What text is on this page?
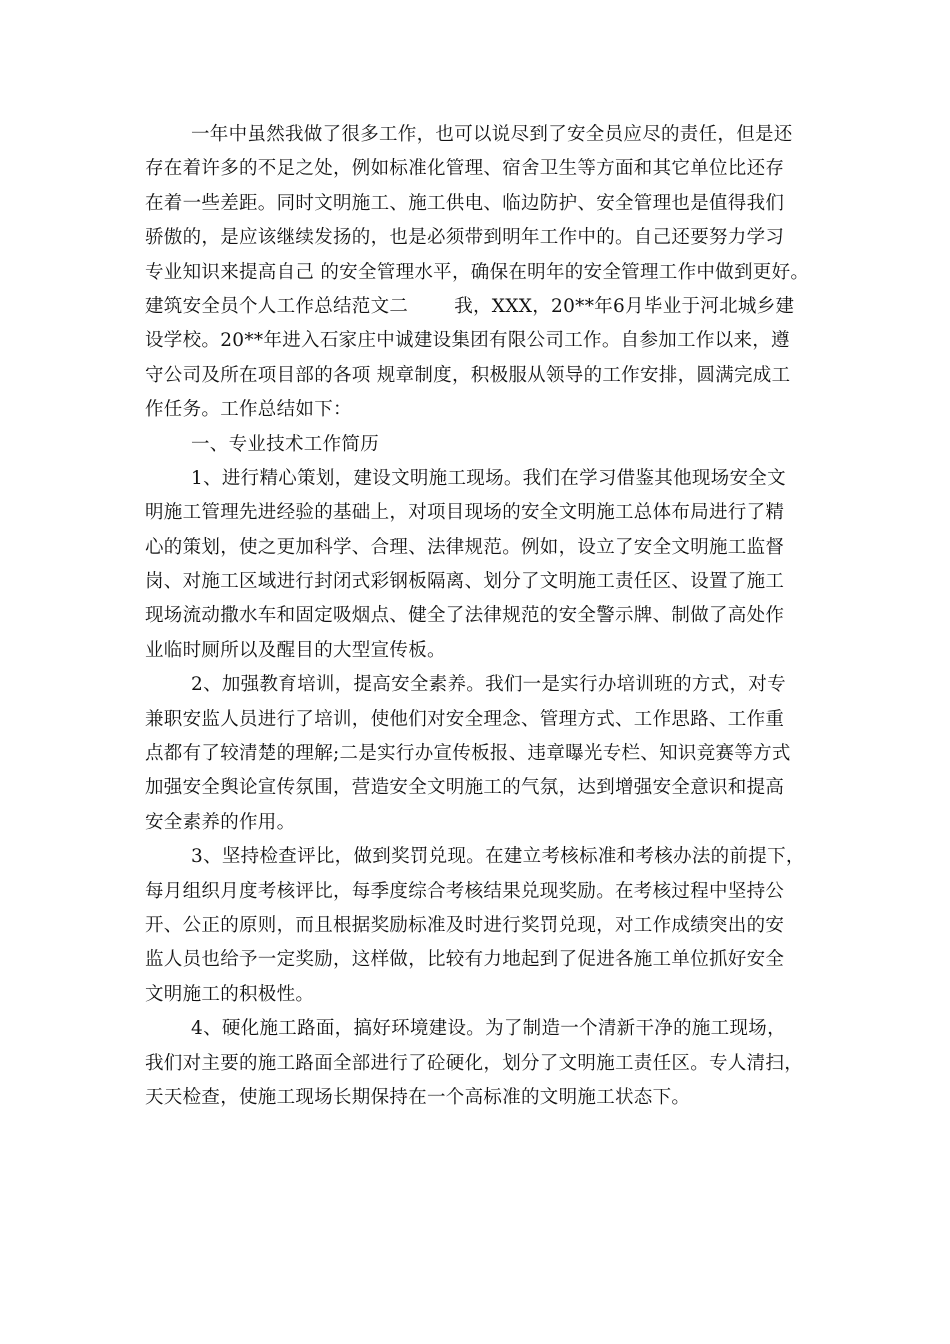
一年中虽然我做了很多工作，也可以说尽到了安全员应尽的责任，但是还
存在着许多的不足之处，例如标准化管理、宿舍卫生等方面和其它单位比还存
在着一些差距。同时文明施工、施工供电、临边防护、安全管理也是值得我们
骄傲的，是应该继续发扬的，也是必须带到明年工作中的。自己还要努力学习
专业知识来提高自己 的安全管理水平，确保在明年的安全管理工作中做到更好。
建筑安全员个人工作总结范文二 我，XXX，20**年6月毕业于河北城乡建
设学校。20**年进入石家庄中诚建设集团有限公司工作。自参加工作以来，遵
守公司及所在项目部的各项 规章制度，积极服从领导的工作安排，圆满完成工
作任务。工作总结如下：
一、专业技术工作简历
1、进行精心策划，建设文明施工现场。我们在学习借鉴其他现场安全文
明施工管理先进经验的基础上，对项目现场的安全文明施工总体布局进行了精
心的策划，使之更加科学、合理、法律规范。例如，设立了安全文明施工监督
岗、对施工区域进行封闭式彩钢板隔离、划分了文明施工责任区、设置了施工
现场流动撒水车和固定吸烟点、健全了法律规范的安全警示牌、制做了高处作
业临时厕所以及醒目的大型宣传板。
2、加强教育培训，提高安全素养。我们一是实行办培训班的方式，对专
兼职安监人员进行了培训，使他们对安全理念、管理方式、工作思路、工作重
点都有了较清楚的理解;二是实行办宣传板报、违章曝光专栏、知识竞赛等方式
加强安全舆论宣传氛围，营造安全文明施工的气氛，达到增强安全意识和提高
安全素养的作用。
3、坚持检查评比，做到奖罚兑现。在建立考核标准和考核办法的前提下，
每月组织月度考核评比，每季度综合考核结果兑现奖励。在考核过程中坚持公
开、公正的原则，而且根据奖励标准及时进行奖罚兑现，对工作成绩突出的安
监人员也给予一定奖励，这样做，比较有力地起到了促进各施工单位抓好安全
文明施工的积极性。
4、硬化施工路面，搞好环境建设。为了制造一个清新干净的施工现场，
我们对主要的施工路面全部进行了砼硬化，划分了文明施工责任区。专人清扫，
天天检查，使施工现场长期保持在一个高标准的文明施工状态下。
